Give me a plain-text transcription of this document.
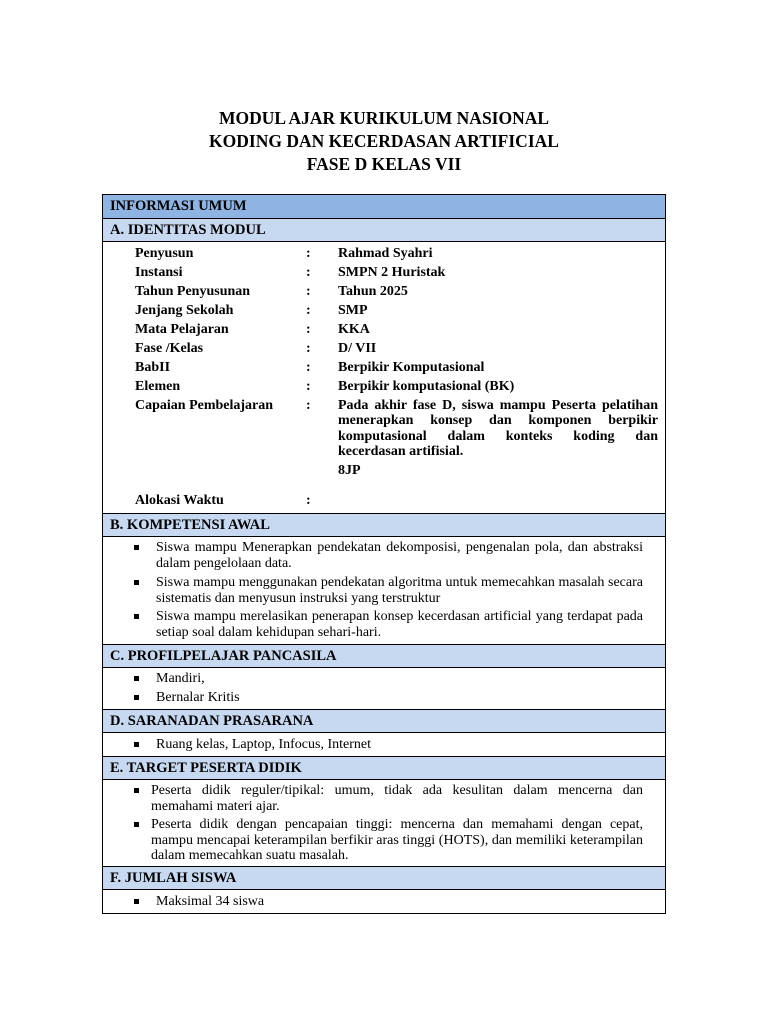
MODUL AJAR KURIKULUM NASIONAL
KODING DAN KECERDASAN ARTIFICIAL
FASE D KELAS VII
INFORMASI UMUM
A. IDENTITAS MODUL
Penyusun	: Rahmad Syahri
Instansi	: SMPN 2 Huristak
Tahun Penyusunan	: Tahun 2025
Jenjang Sekolah	: SMP
Mata Pelajaran	: KKA
Fase /Kelas	: D/ VII
BabII	: Berpikir Komputasional
Elemen	: Berpikir komputasional (BK)
Capaian Pembelajaran : Pada akhir fase D, siswa mampu Peserta pelatihan menerapkan konsep dan komponen berpikir komputasional dalam konteks koding dan kecerdasan artifisial.
8JP
Alokasi Waktu	:
B. KOMPETENSI AWAL
Siswa mampu Menerapkan pendekatan dekomposisi, pengenalan pola, dan abstraksi dalam pengelolaan data.
Siswa mampu menggunakan pendekatan algoritma untuk memecahkan masalah secara sistematis dan menyusun instruksi yang terstruktur
Siswa mampu merelasikan penerapan konsep kecerdasan artificial yang terdapat pada setiap soal dalam kehidupan sehari-hari.
C. PROFILPELAJAR PANCASILA
Mandiri,
Bernalar Kritis
D. SARANADAN PRASARANA
Ruang kelas, Laptop, Infocus, Internet
E. TARGET PESERTA DIDIK
Peserta didik reguler/tipikal: umum, tidak ada kesulitan dalam mencerna dan memahami materi ajar.
Peserta didik dengan pencapaian tinggi: mencerna dan memahami dengan cepat, mampu mencapai keterampilan berfikir aras tinggi (HOTS), dan memiliki keterampilan dalam memecahkan suatu masalah.
F. JUMLAH SISWA
Maksimal 34 siswa
